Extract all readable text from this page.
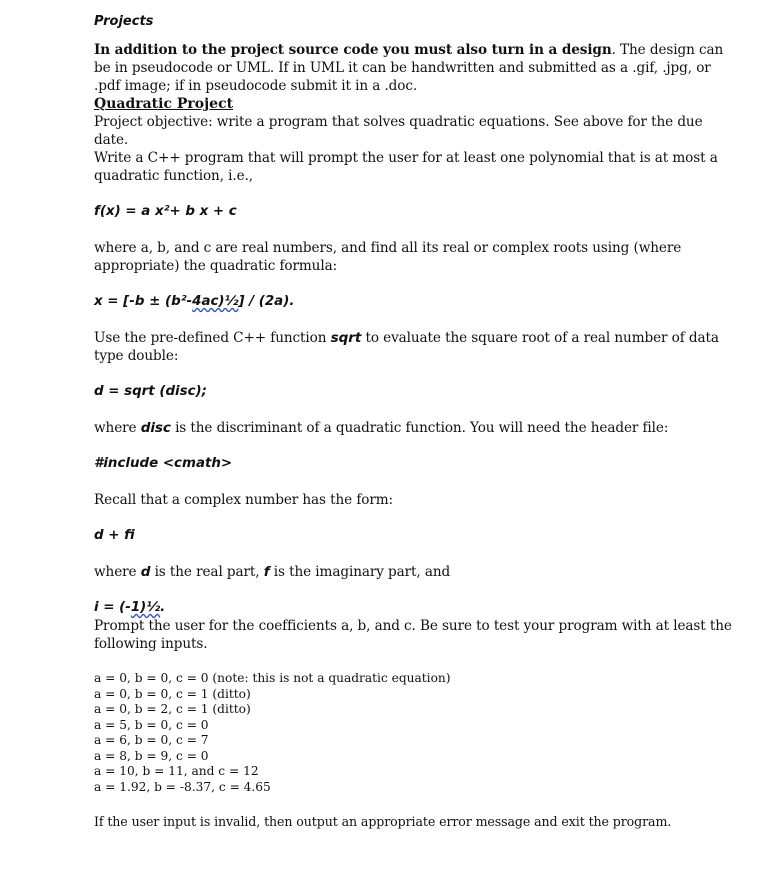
Projects

In addition to the project source code you must also turn in a design. The design can be in pseudocode or UML. If in UML it can be handwritten and submitted as a .gif, .jpg, or .pdf image; if in pseudocode submit it in a .doc.

Quadratic Project

Project objective: write a program that solves quadratic equations. See above for the due date.

Write a C++ program that will prompt the user for at least one polynomial that is at most a quadratic function, i.e.,

f(x) = a x²+ b x + c

where a, b, and c are real numbers, and find all its real or complex roots using (where appropriate) the quadratic formula:

x = [-b ± (b²-4ac)½] / (2a).

Use the pre-defined C++ function sqrt to evaluate the square root of a real number of data type double:

d = sqrt (disc);

where disc is the discriminant of a quadratic function. You will need the header file:

#include <cmath>

Recall that a complex number has the form:

d + fi

where d is the real part, f is the imaginary part, and

i = (-1)½.

Prompt the user for the coefficients a, b, and c. Be sure to test your program with at least the following inputs.

a = 0, b = 0, c = 0 (note: this is not a quadratic equation)
a = 0, b = 0, c = 1 (ditto)
a = 0, b = 2, c = 1 (ditto)
a = 5, b = 0, c = 0
a = 6, b = 0, c = 7
a = 8, b = 9, c = 0
a = 10, b = 11, and c = 12
a = 1.92, b = -8.37, c = 4.65

If the user input is invalid, then output an appropriate error message and exit the program.
